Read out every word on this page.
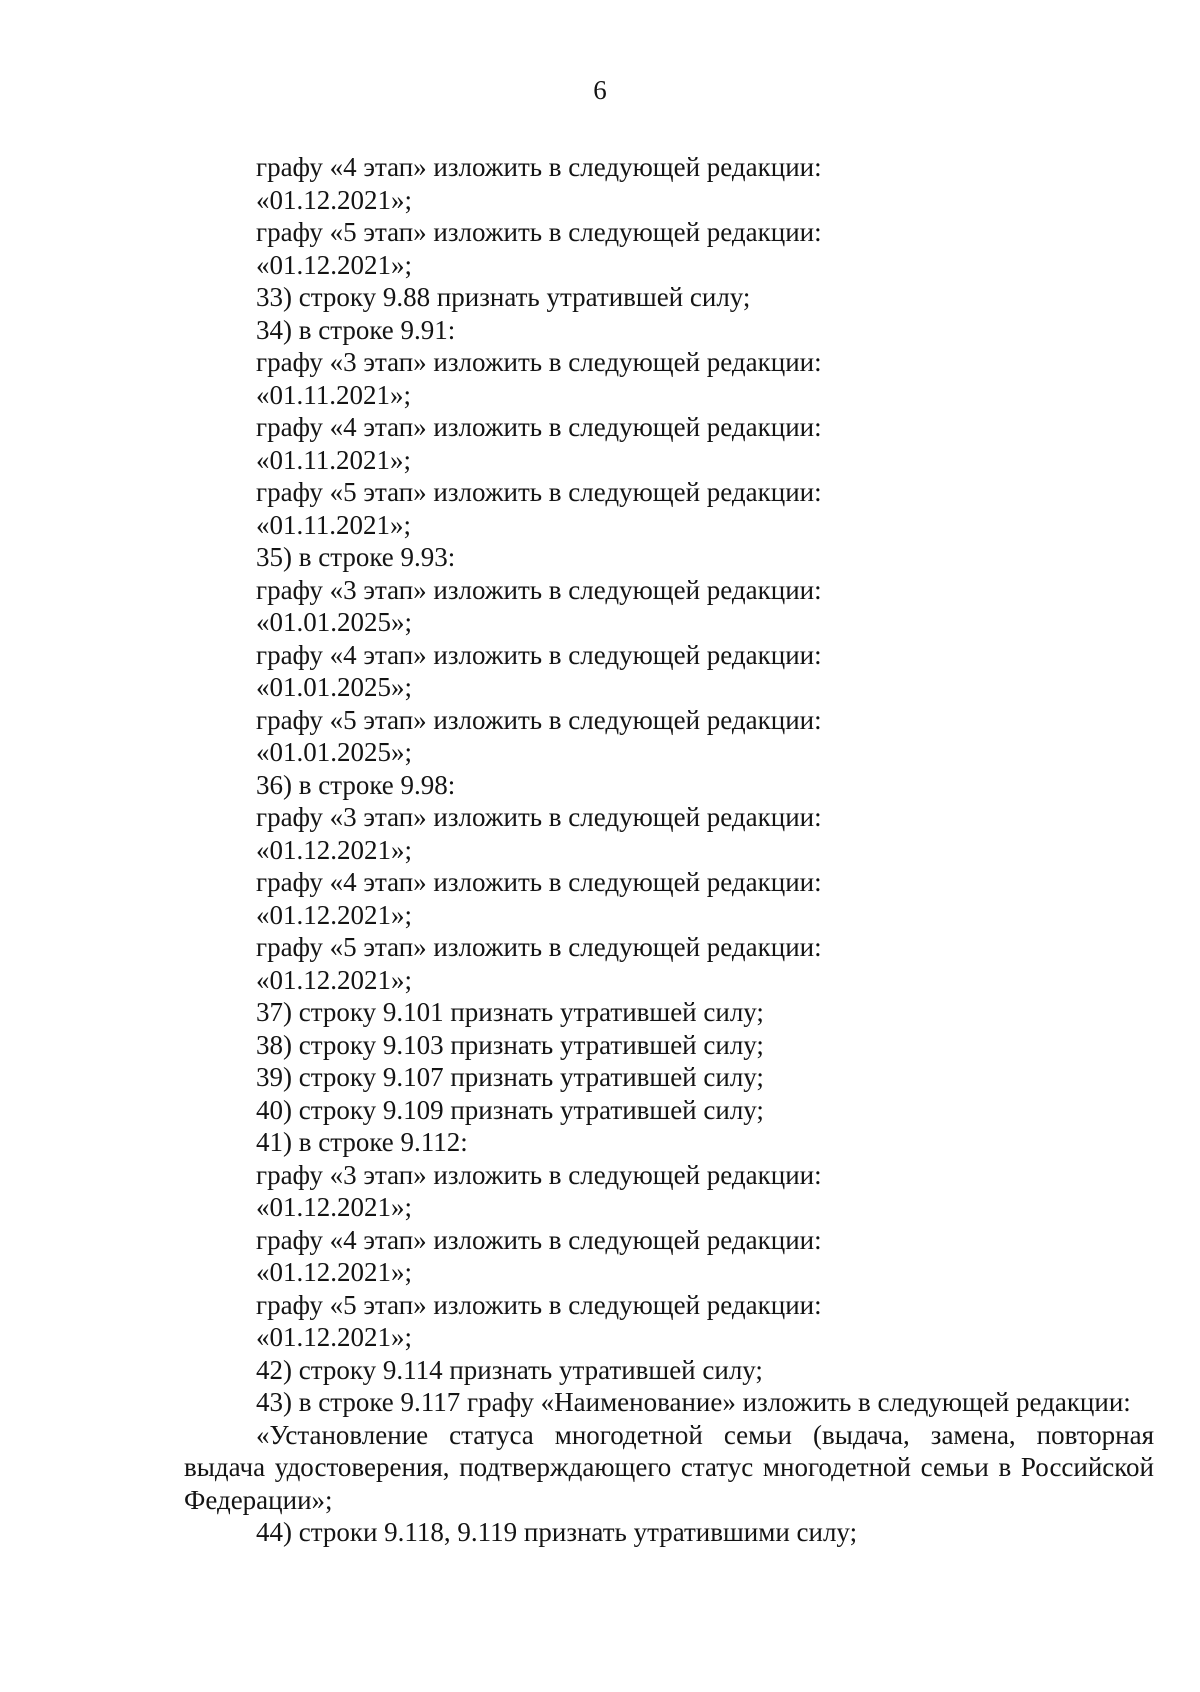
6
графу «4 этап» изложить в следующей редакции:
«01.12.2021»;
графу «5 этап» изложить в следующей редакции:
«01.12.2021»;
33) строку 9.88 признать утратившей силу;
34) в строке 9.91:
графу «3 этап» изложить в следующей редакции:
«01.11.2021»;
графу «4 этап» изложить в следующей редакции:
«01.11.2021»;
графу «5 этап» изложить в следующей редакции:
«01.11.2021»;
35) в строке 9.93:
графу «3 этап» изложить в следующей редакции:
«01.01.2025»;
графу «4 этап» изложить в следующей редакции:
«01.01.2025»;
графу «5 этап» изложить в следующей редакции:
«01.01.2025»;
36) в строке 9.98:
графу «3 этап» изложить в следующей редакции:
«01.12.2021»;
графу «4 этап» изложить в следующей редакции:
«01.12.2021»;
графу «5 этап» изложить в следующей редакции:
«01.12.2021»;
37) строку 9.101 признать утратившей силу;
38) строку 9.103 признать утратившей силу;
39) строку 9.107 признать утратившей силу;
40) строку 9.109 признать утратившей силу;
41) в строке 9.112:
графу «3 этап» изложить в следующей редакции:
«01.12.2021»;
графу «4 этап» изложить в следующей редакции:
«01.12.2021»;
графу «5 этап» изложить в следующей редакции:
«01.12.2021»;
42) строку 9.114 признать утратившей силу;
43) в строке 9.117 графу «Наименование» изложить в следующей редакции:
«Установление статуса многодетной семьи (выдача, замена, повторная выдача удостоверения, подтверждающего статус многодетной семьи в Российской Федерации»;
44) строки 9.118, 9.119 признать утратившими силу;
